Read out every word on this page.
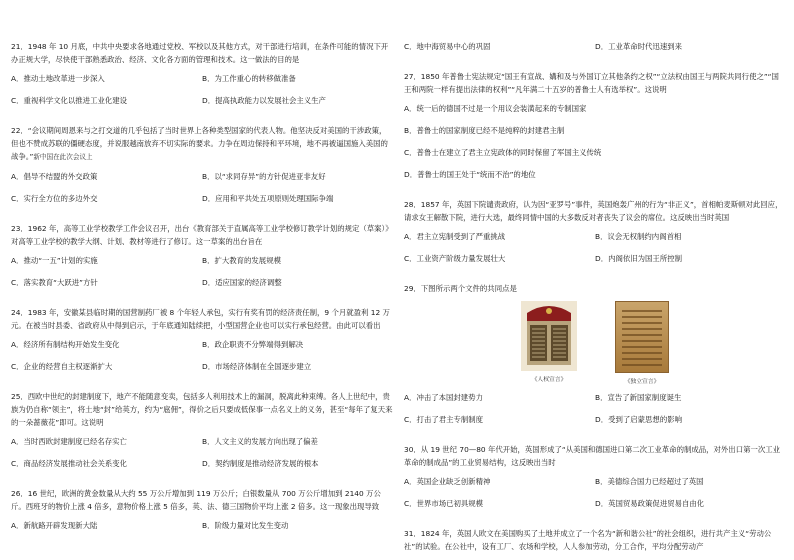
21．1948 年 10 月底，中共中央要求各地通过党校、军校以及其他方式，对干部进行培训，在条件可能的情况下开办正规大学，尽快使干部熟悉政治、经济、文化各方面的管理和技术。这一做法的目的是

A．推动土地改革进一步深入	B．为工作重心的转移做准备
C．重视科学文化以推进工业化建设	D．提高执政能力以发展社会主义生产

22．“会议期间周恩来与之打交道的几乎包括了当时世界上各种类型国家的代表人物。他坚决反对美国的干涉政策，但也不赞成苏联的僵硬态度，并说服越南放弃不切实际的要求。力争在周边保持和平环境，地不再被逼国施入美国的战争。”新中国在此次会议上

A．倡导不结盟的外交政策	B．以“求同存异”的方针促进亚非友好
C．实行全方位的多边外交	D．应用和平共处五项原则处理国际争端

23．1962 年，高等工业学校教学工作会议召开，出台《教育部关于直属高等工业学校修订教学计划的规定（草案）》对高等工业学校的教学大纲、计划、教材等进行了修订。这一草案的出台旨在

A．推动“一五”计划的实施	B．扩大教育的发展规模
C．落实教育“大跃进”方针	D．适应国家的经济调整

24．1983 年，安徽某县临时期的国营制药厂被 8 个年轻人承包，实行有奖有罚的经济责任制，9 个月就盈利 12 万元。在被当时县委、省政府从中得到启示，于年底通知陆续把，小型国营企业也可以实行承包经营。由此可以看出

A．经济所有制结构开始发生变化	B．政企职责不分弊端得到解决
C．企业的经营自主权逐渐扩大	D．市场经济体制在全国逐步建立

25．西欧中世纪的封建制度下，地产不能随意变卖，包括多人利用技术上的漏洞，脱离此种束缚。各人上世纪中，贵族为仍自称“领主”，将土地“封”给英方，约为“扈佣”，得价之后只要成低保事一点名义上的义务，甚至“每年了复天来的一朵蔷薇花”即可。这说明

A．当时西欧封建制度已经名存实亡	B．人文主义的发展方向出现了偏差
C．商品经济发展推动社会关系变化	D．契约制度是推动经济发展的根本

26．16 世纪，欧洲的黄金数量从大约 55 万公斤增加到 119 万公斤；白银数量从 700 万公斤增加到 2140 万公斤。西班牙的物价上涨 4 倍多，意物价格上涨 5 倍多，英、法、德三国物价平均上涨 2 倍多。这一现象出现导致

A．新航路开辟发现新大陆	B．阶级力量对比发生变动
C．地中海贸易中心的巩固	D．工业革命时代迅速到来

27．1850 年普鲁士宪法规定“国王有宣战、媾和及与外国订立其他条约之权”“立法权由国王与两院共同行使之”“国王和两院一样有提出法律的权利”“凡年满二十五岁的普鲁士人有选举权”。这说明

A．统一后的德国不过是一个用议会装潢起来的专制国家
B．普鲁士的国家制度已经不是纯粹的封建君主制
C．普鲁士在建立了君主立宪政体的同时保留了军国主义传统
D．普鲁士的国王处于“统而不治”的地位

28．1857 年，英国下院谴责政府，认为因“亚罗号”事件，英国炮轰广州的行为“非正义”，首相帕麦斯顿对此回应，请求女王解散下院，进行大选，最终同情中国的大多数反对者丧失了议会的席位。这反映出当时英国

A．君主立宪制受到了严重挑战	B．议会无权制约内阁首相
C．工业资产阶级力量发展壮大	D．内阁依旧为国王所控制

29．下图所示两个文件的共同点是

《人权宣言》	《独立宣言》
A．冲击了本国封建势力	B．宣告了新国家制度诞生
C．打击了君主专制制度	D．受到了启蒙思想的影响

30．从 19 世纪 70—80 年代开始，英国形成了“从美国和德国进口第二次工业革命的制成品，对外出口第一次工业革命的制成品”的工业贸易结构，这反映出当时

A．英国企业缺乏创新精神	B．美德综合国力已经超过了英国
C．世界市场已初具规模	D．英国贸易政策促进贸易自由化

31．1824 年，英国人欧文在美国购买了土地并成立了一个名为“新和谐公社”的社会组织，进行共产主义“劳动公社”的试验。在公社中，设有工厂、农场和学校，人人参加劳动，分工合作，平均分配劳动产
